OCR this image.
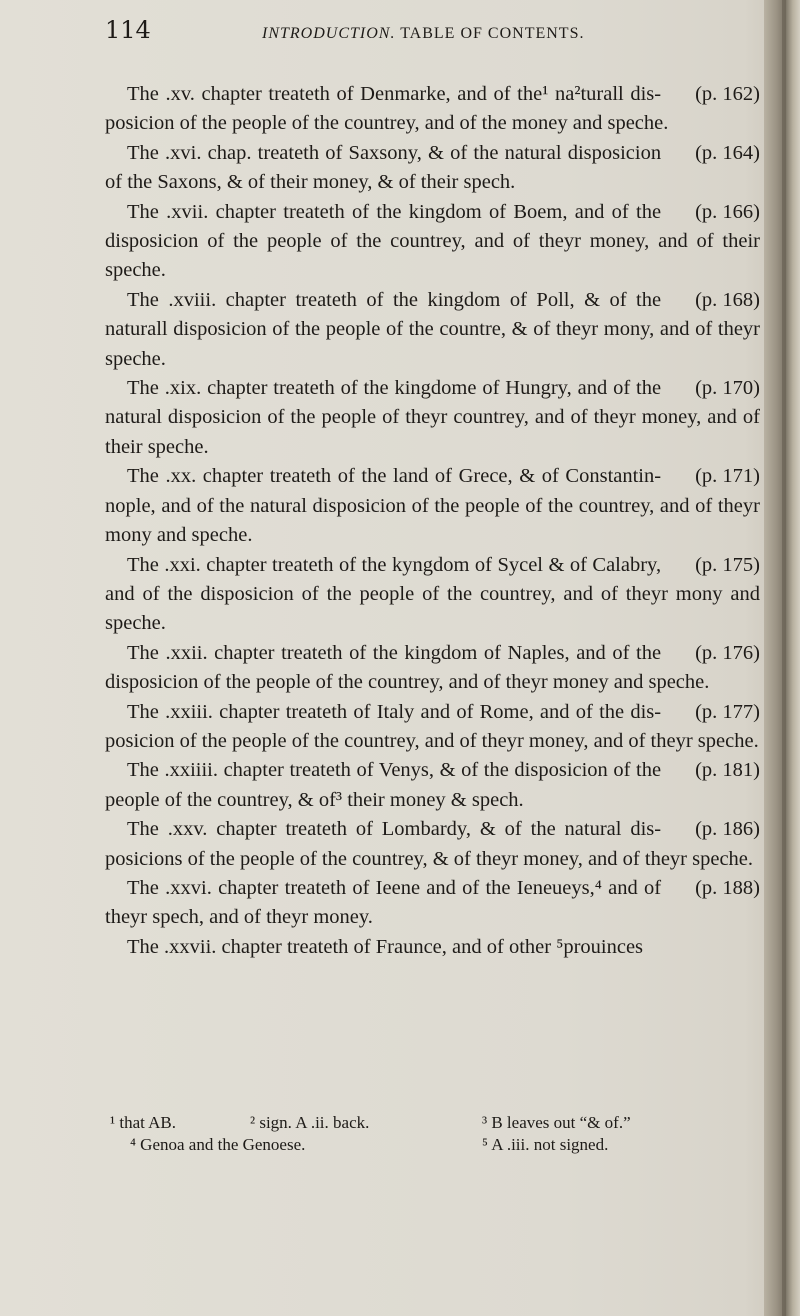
114	INTRODUCTION. TABLE OF CONTENTS.

(p. 162)
The .xv. chapter treateth of Denmarke, and of the¹ na²turall dis- posicion of the people of the countrey, and of the money and speche.

(p. 164)
The .xvi. chap. treateth of Saxsony, & of the natural disposicion of the Saxons, & of their money, & of their spech.

(p. 166)
The .xvii. chapter treateth of the kingdom of Boem, and of the disposicion of the people of the countrey, and of theyr money, and of their speche.

(p. 168)
The .xviii. chapter treateth of the kingdom of Poll, & of the naturall disposicion of the people of the countre, & of theyr mony, and of theyr speche.

(p. 170)
The .xix. chapter treateth of the kingdome of Hungry, and of the natural disposicion of the people of theyr countrey, and of theyr money, and of their speche.

(p. 171)
The .xx. chapter treateth of the land of Grece, & of Constantin- nople, and of the natural disposicion of the people of the countrey, and of theyr mony and speche.

(p. 175)
The .xxi. chapter treateth of the kyngdom of Sycel & of Calabry, and of the disposicion of the people of the countrey, and of theyr mony and speche.

(p. 176)
The .xxii. chapter treateth of the kingdom of Naples, and of the disposicion of the people of the countrey, and of theyr money and speche.

(p. 177)
The .xxiii. chapter treateth of Italy and of Rome, and of the dis- posicion of the people of the countrey, and of theyr money, and of theyr speche.

(p. 181)
The .xxiiii. chapter treateth of Venys, & of the disposicion of the people of the countrey, & of³ their money & spech.

(p. 186)
The .xxv. chapter treateth of Lombardy, & of the natural dis- posicions of the people of the countrey, & of theyr money, and of theyr speche.

(p. 188)
The .xxvi. chapter treateth of Ieene and of the Ieneueys,⁴ and of theyr spech, and of theyr money.

The .xxvii. chapter treateth of Fraunce, and of other ⁵prouinces

¹ that AB.	² sign. A .ii. back.	³ B leaves out “& of.”
⁴ Genoa and the Genoese.	⁵ A .iii. not signed.
